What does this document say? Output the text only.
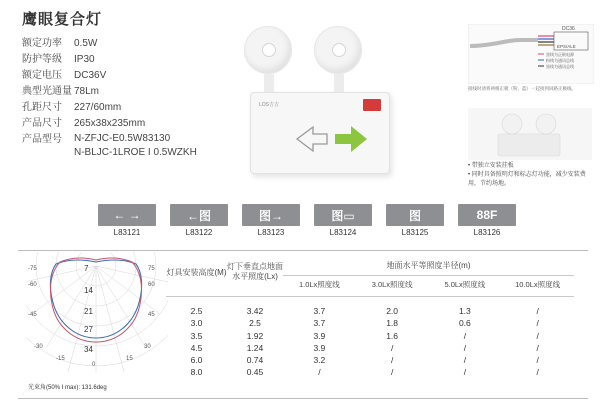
鹰眼复合灯
额定功率	0.5W
防护等级	IP30
额定电压	DC36V
典型光通量 78Lm
孔距尺寸	227/60mm
产品尺寸	265x38x235mm
产品型号	N-ZFJC-E0.5W83130
N-BLJC-1LROE I 0.5WZKH
LOS吉吉
DC36
EPS/ALE
黑线为正极电源
粉线为通讯总线
黑线为通讯总线
接线时请将两根正极（粉、蓝）一起接到回路正极线。
• 带独立安装挂板
• 同时具备照明灯和标志灯功能，减少安装费用，节约场地。
← →
L83121
←图
L83122
图→
L83123
图▭
L83124
图
L83125
88F
L83126
7
14
21
27
34
-75	75
-60	60
-45	45
-30	30
-15
0
15
光束角(50% I max): 131.6deg
灯具安装高度(M)
灯下垂直点地面水平照度(Lx)
地面水平等照度半径(m)
1.0Lx照度线	3.0Lx照度线	5.0Lx照度线	10.0Lx照度线
2.5	3.42	3.7	2.0	1.3	/
3.0	2.5	3.7	1.8	0.6	/
3.5	1.92	3.9	1.6	/	/
4.5	1.24	3.9	/	/	/
6.0	0.74	3.2	/	/	/
8.0	0.45	/	/	/	/
